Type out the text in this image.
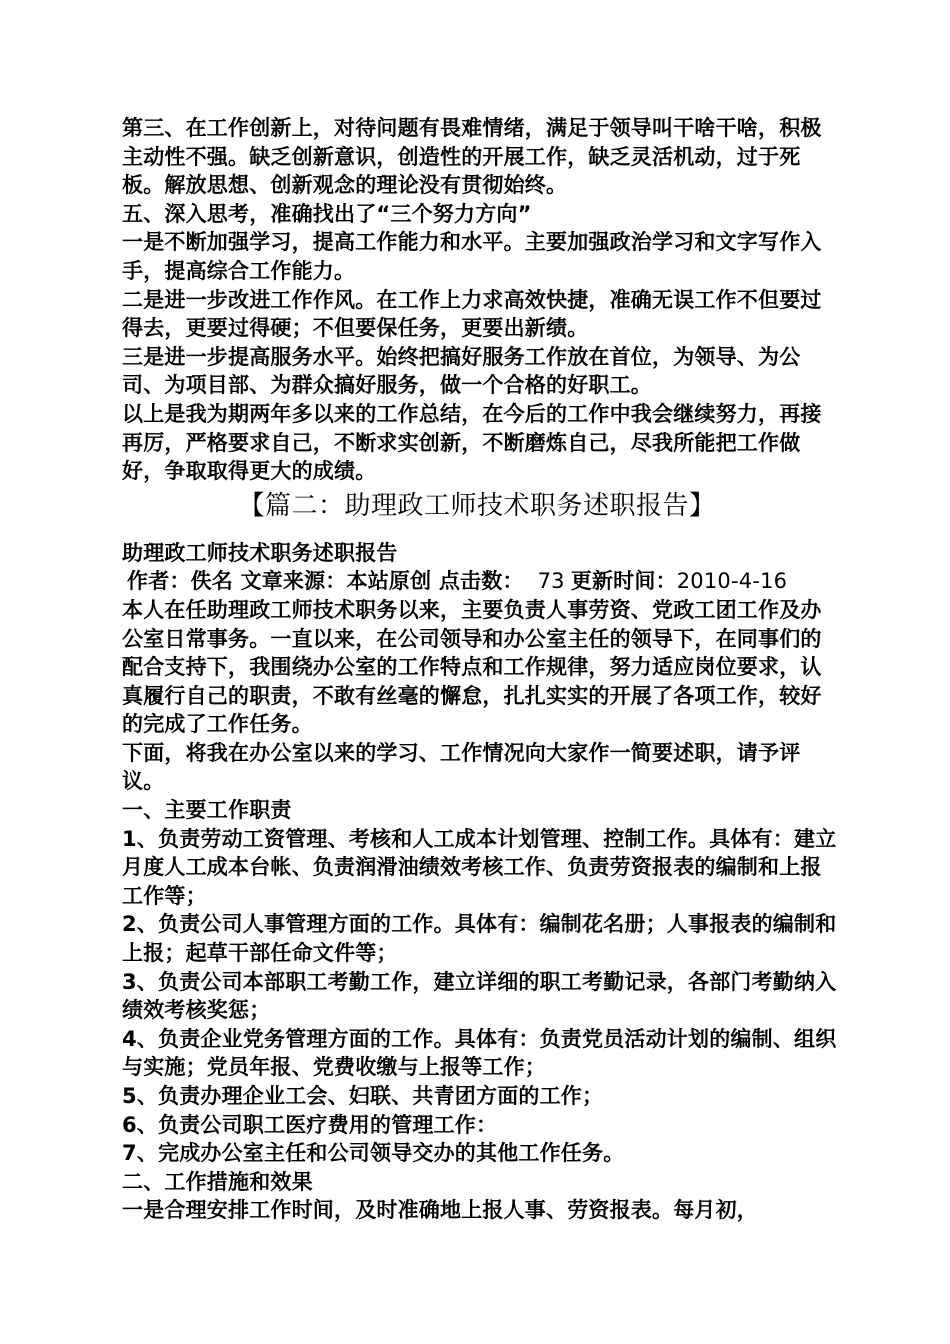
第三、在工作创新上，对待问题有畏难情绪，满足于领导叫干啥干啥，积极主动性不强。缺乏创新意识，创造性的开展工作，缺乏灵活机动，过于死板。解放思想、创新观念的理论没有贯彻始终。

五、深入思考，准确找出了“三个努力方向”

一是不断加强学习，提高工作能力和水平。主要加强政治学习和文字写作入手，提高综合工作能力。

二是进一步改进工作作风。在工作上力求高效快捷，准确无误工作不但要过得去，更要过得硬；不但要保任务，更要出新绩。

三是进一步提高服务水平。始终把搞好服务工作放在首位，为领导、为公司、为项目部、为群众搞好服务，做一个合格的好职工。

以上是我为期两年多以来的工作总结，在今后的工作中我会继续努力，再接再厉，严格要求自己，不断求实创新，不断磨炼自己，尽我所能把工作做好，争取取得更大的成绩。

【篇二：助理政工师技术职务述职报告】

助理政工师技术职务述职报告

作者：佚名 文章来源：本站原创 点击数： 73 更新时间：2010-4-16

本人在任助理政工师技术职务以来，主要负责人事劳资、党政工团工作及办公室日常事务。一直以来，在公司领导和办公室主任的领导下，在同事们的配合支持下，我围绕办公室的工作特点和工作规律，努力适应岗位要求，认真履行自己的职责，不敢有丝毫的懈怠，扎扎实实的开展了各项工作，较好的完成了工作任务。

下面，将我在办公室以来的学习、工作情况向大家作一简要述职，请予评议。

一、主要工作职责

1、负责劳动工资管理、考核和人工成本计划管理、控制工作。具体有：建立月度人工成本台帐、负责润滑油绩效考核工作、负责劳资报表的编制和上报工作等；

2、负责公司人事管理方面的工作。具体有：编制花名册；人事报表的编制和上报；起草干部任命文件等；

3、负责公司本部职工考勤工作，建立详细的职工考勤记录，各部门考勤纳入绩效考核奖惩；

4、负责企业党务管理方面的工作。具体有：负责党员活动计划的编制、组织与实施；党员年报、党费收缴与上报等工作；

5、负责办理企业工会、妇联、共青团方面的工作；

6、负责公司职工医疗费用的管理工作：

7、完成办公室主任和公司领导交办的其他工作任务。

二、工作措施和效果

一是合理安排工作时间，及时准确地上报人事、劳资报表。每月初，
